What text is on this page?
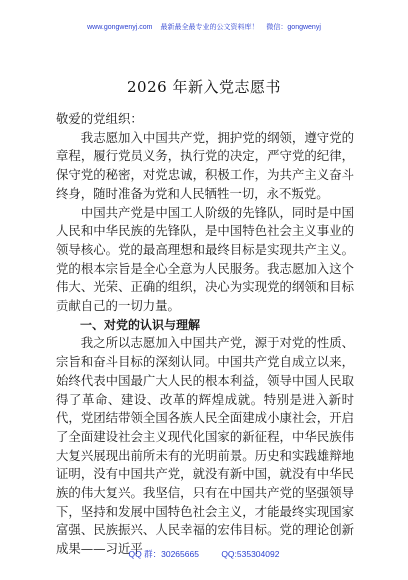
www.gongwenyj.com 最新最全最专业的公文资料库！ 微信：gongwenyj
2026 年新入党志愿书

敬爱的党组织：

我志愿加入中国共产党，拥护党的纲领，遵守党的章程，履行党员义务，执行党的决定，严守党的纪律，保守党的秘密，对党忠诚，积极工作，为共产主义奋斗终身，随时准备为党和人民牺牲一切，永不叛党。

中国共产党是中国工人阶级的先锋队，同时是中国人民和中华民族的先锋队，是中国特色社会主义事业的领导核心。党的最高理想和最终目标是实现共产主义。党的根本宗旨是全心全意为人民服务。我志愿加入这个伟大、光荣、正确的组织，决心为实现党的纲领和目标贡献自己的一切力量。

一、对党的认识与理解

我之所以志愿加入中国共产党，源于对党的性质、宗旨和奋斗目标的深刻认同。中国共产党自成立以来，始终代表中国最广大人民的根本利益，领导中国人民取得了革命、建设、改革的辉煌成就。特别是进入新时代，党团结带领全国各族人民全面建成小康社会，开启了全面建设社会主义现代化国家的新征程，中华民族伟大复兴展现出前所未有的光明前景。历史和实践雄辩地证明，没有中国共产党，就没有新中国，就没有中华民族的伟大复兴。我坚信，只有在中国共产党的坚强领导下，坚持和发展中国特色社会主义，才能最终实现国家富强、民族振兴、人民幸福的宏伟目标。党的理论创新成果——习近平

QQ 群：30265665	QQ:535304092
